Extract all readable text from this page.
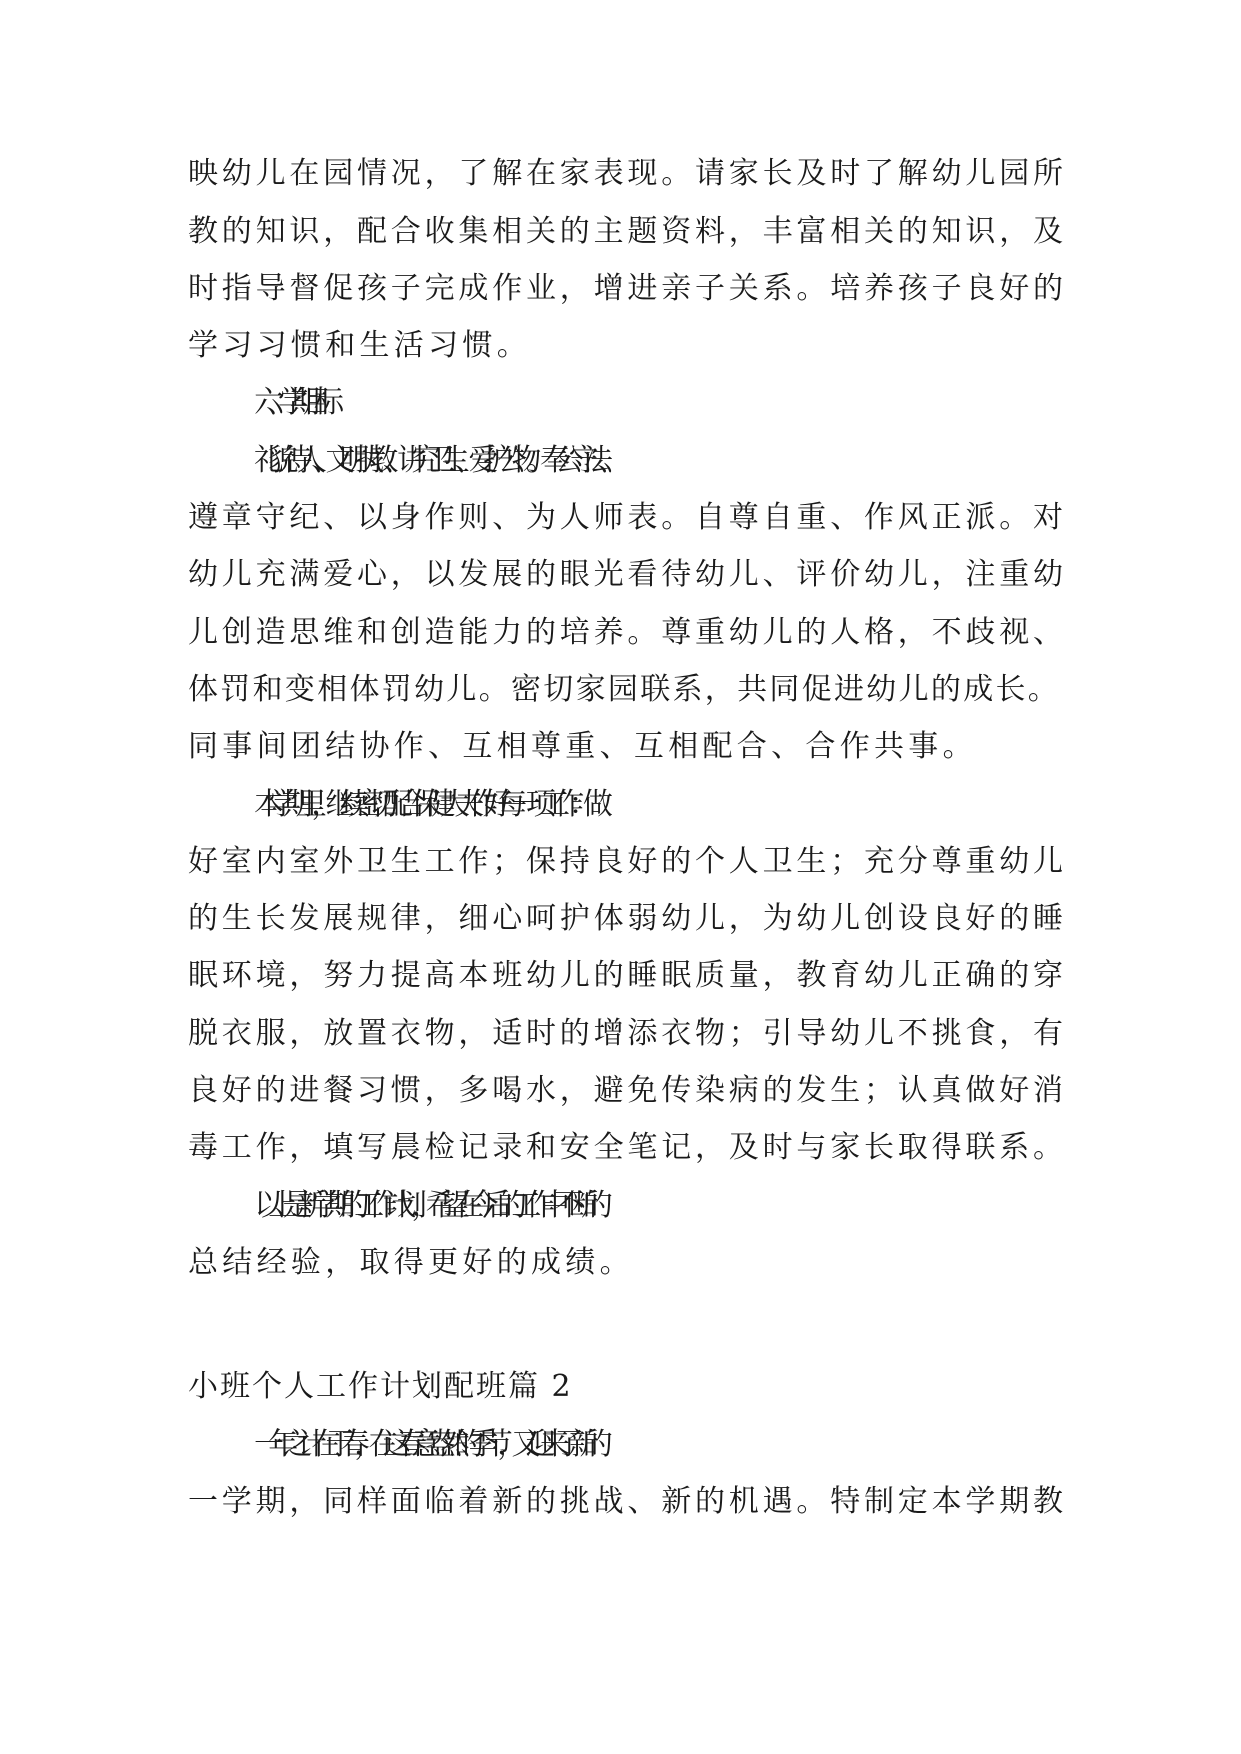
映幼儿在园情况，了解在家表现。请家长及时了解幼儿园所
教的知识，配合收集相关的主题资料，丰富相关的知识，及
时指导督促孩子完成作业，增进亲子关系。培养孩子良好的
学习习惯和生活习惯。
六、学期目标
礼貌待人、文明执教、讲究卫生、爱护公物。奉公守法、
遵章守纪、以身作则、为人师表。自尊自重、作风正派。对
幼儿充满爱心，以发展的眼光看待幼儿、评价幼儿，注重幼
儿创造思维和创造能力的培养。尊重幼儿的人格，不歧视、
体罚和变相体罚幼儿。密切家园联系，共同促进幼儿的成长。
同事间团结协作、互相尊重、互相配合、合作共事。
本学期里，继续密切配合保健大夫作好每一项工作：做
好室内室外卫生工作；保持良好的个人卫生；充分尊重幼儿
的生长发展规律，细心呵护体弱幼儿，为幼儿创设良好的睡
眠环境，努力提高本班幼儿的睡眠质量，教育幼儿正确的穿
脱衣服，放置衣物，适时的增添衣物；引导幼儿不挑食，有
良好的进餐习惯，多喝水，避免传染病的发生；认真做好消
毒工作，填写晨检记录和安全笔记，及时与家长取得联系。
以上是新学期的工作计划，希望在今后的工作中不断的
总结经验，取得更好的成绩。
小班个人工作计划配班篇 2
一年之计在于春，在这春意盎然的季节，又迎来了新的
一学期，同样面临着新的挑战、新的机遇。特制定本学期教
